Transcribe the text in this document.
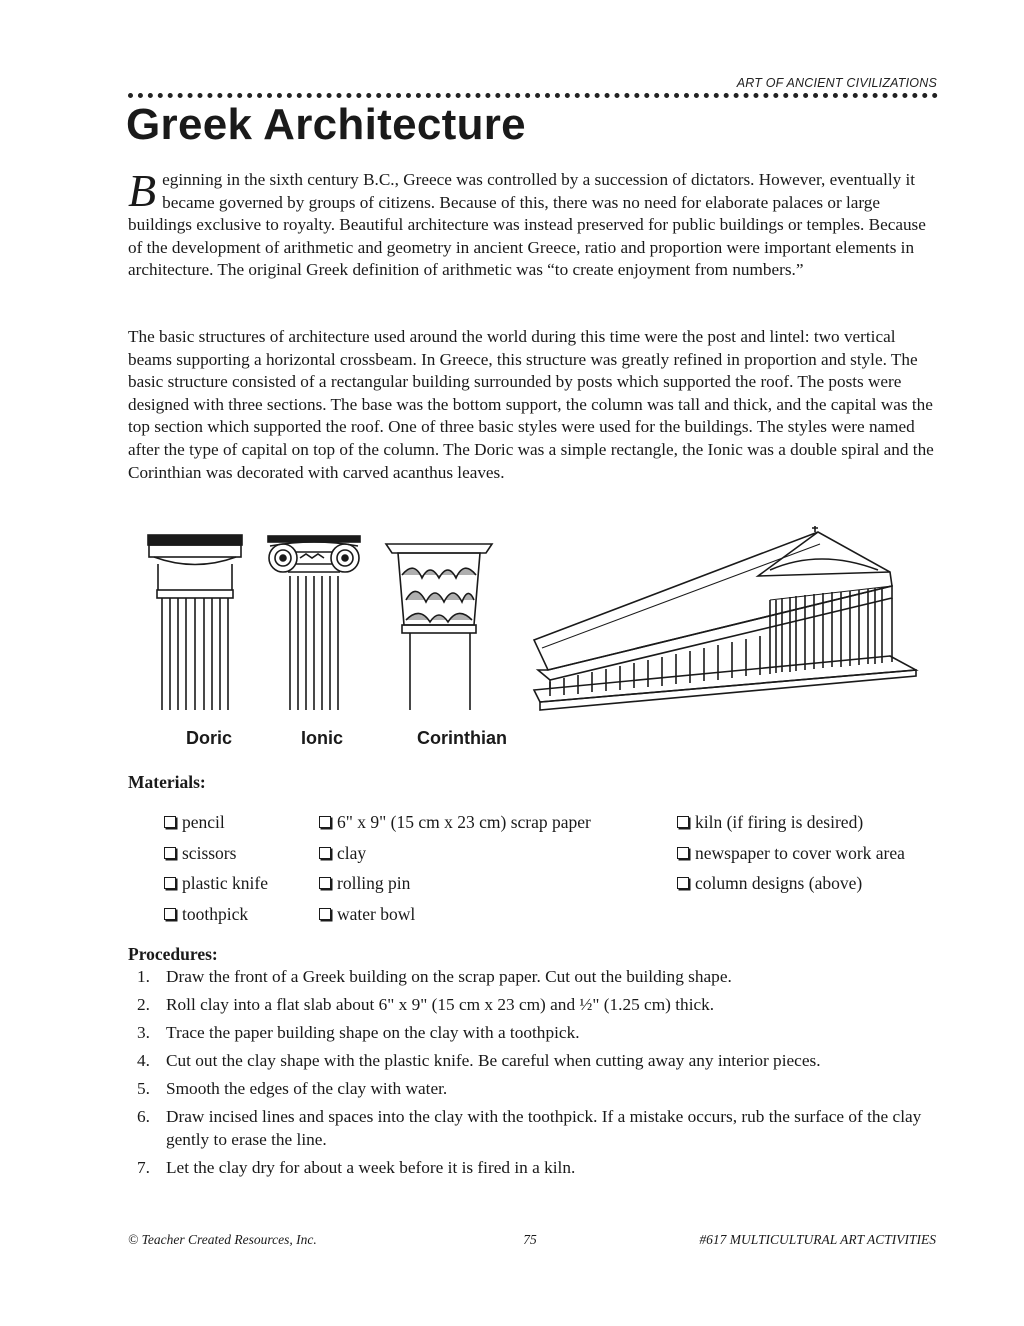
ART OF ANCIENT CIVILIZATIONS
Greek Architecture

Beginning in the sixth century B.C., Greece was controlled by a succession of dictators. However, eventually it became governed by groups of citizens. Because of this, there was no need for elaborate palaces or large buildings exclusive to royalty. Beautiful architecture was instead preserved for public buildings or temples. Because of the development of arithmetic and geometry in ancient Greece, ratio and proportion were important elements in architecture. The original Greek definition of arithmetic was “to create enjoyment from numbers.”

The basic structures of architecture used around the world during this time were the post and lintel: two vertical beams supporting a horizontal crossbeam. In Greece, this structure was greatly refined in proportion and style. The basic structure consisted of a rectangular building surrounded by posts which supported the roof. The posts were designed with three sections. The base was the bottom support, the column was tall and thick, and the capital was the top section which supported the roof. One of three basic styles were used for the buildings. The styles were named after the type of capital on top of the column. The Doric was a simple rectangle, the Ionic was a double spiral and the Corinthian was decorated with carved acanthus leaves.

Doric	Ionic	Corinthian
Materials:
pencil
scissors
plastic knife
toothpick
6" x 9" (15 cm x 23 cm) scrap paper
clay
rolling pin
water bowl
kiln (if firing is desired)
newspaper to cover work area
column designs (above)
Procedures:
1. Draw the front of a Greek building on the scrap paper. Cut out the building shape.
2. Roll clay into a flat slab about 6" x 9" (15 cm x 23 cm) and ½" (1.25 cm) thick.
3. Trace the paper building shape on the clay with a toothpick.
4. Cut out the clay shape with the plastic knife. Be careful when cutting away any interior pieces.
5. Smooth the edges of the clay with water.
6. Draw incised lines and spaces into the clay with the toothpick. If a mistake occurs, rub the surface of the clay gently to erase the line.
7. Let the clay dry for about a week before it is fired in a kiln.
© Teacher Created Resources, Inc.	75	#617 MULTICULTURAL ART ACTIVITIES
